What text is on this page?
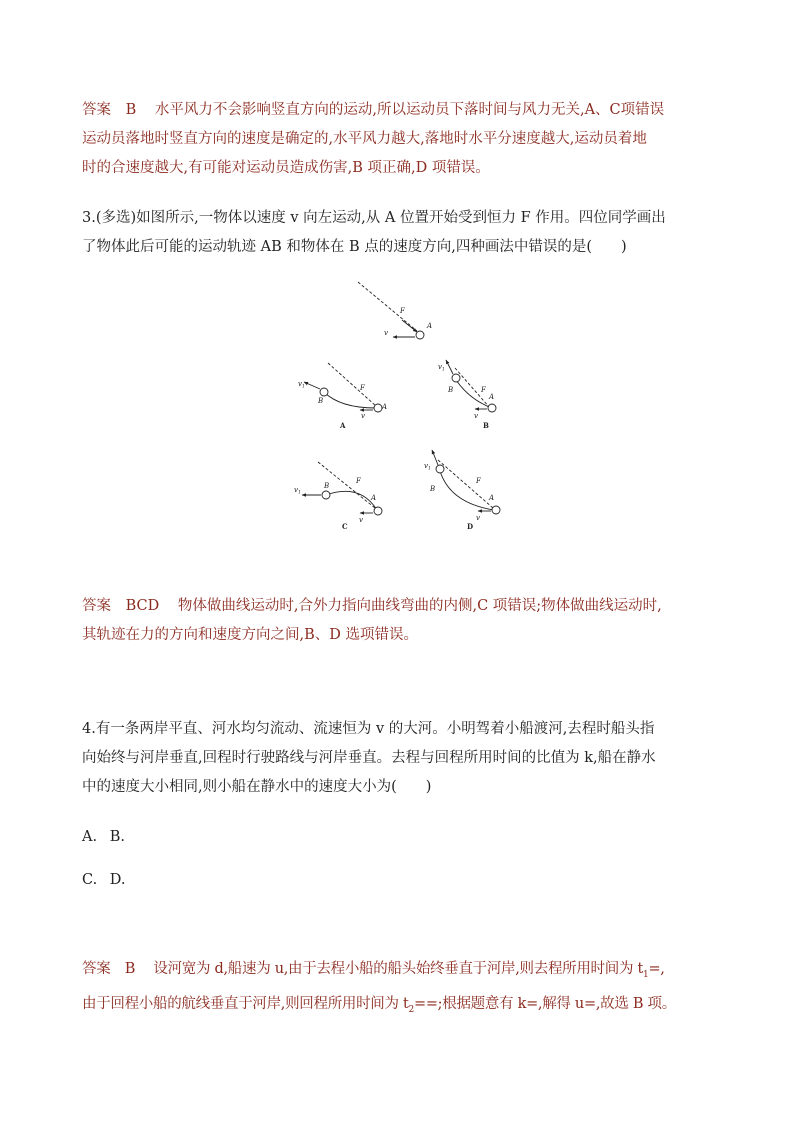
答案 B 水平风力不会影响竖直方向的运动,所以运动员下落时间与风力无关,A、C项错误
运动员落地时竖直方向的速度是确定的,水平风力越大,落地时水平分速度越大,运动员着地
时的合速度越大,有可能对运动员造成伤害,B 项正确,D 项错误。
3.(多选)如图所示,一物体以速度 v 向左运动,从 A 位置开始受到恒力 F 作用。四位同学画出
了物体此后可能的运动轨迹 AB 和物体在 B 点的速度方向,四种画法中错误的是(　　)
F
A
v
$v_1$
B
F
A
v
A
$v_1$
B	F
A
v
B
$v_1$
B
F
A
v
C
$v_1$
B
F
A
v
D
答案 BCD 物体做曲线运动时,合外力指向曲线弯曲的内侧,C 项错误;物体做曲线运动时,
其轨迹在力的方向和速度方向之间,B、D 选项错误。
4.有一条两岸平直、河水均匀流动、流速恒为 v 的大河。小明驾着小船渡河,去程时船头指
向始终与河岸垂直,回程时行驶路线与河岸垂直。去程与回程所用时间的比值为 k,船在静水
中的速度大小相同,则小船在静水中的速度大小为(　　)
A. B.
C. D.
答案 B 设河宽为 d,船速为 u,由于去程小船的船头始终垂直于河岸,则去程所用时间为 $t_1=$,
由于回程小船的航线垂直于河岸,则回程所用时间为 $t_2==$;根据题意有 k=,解得 u=,故选 B 项。
